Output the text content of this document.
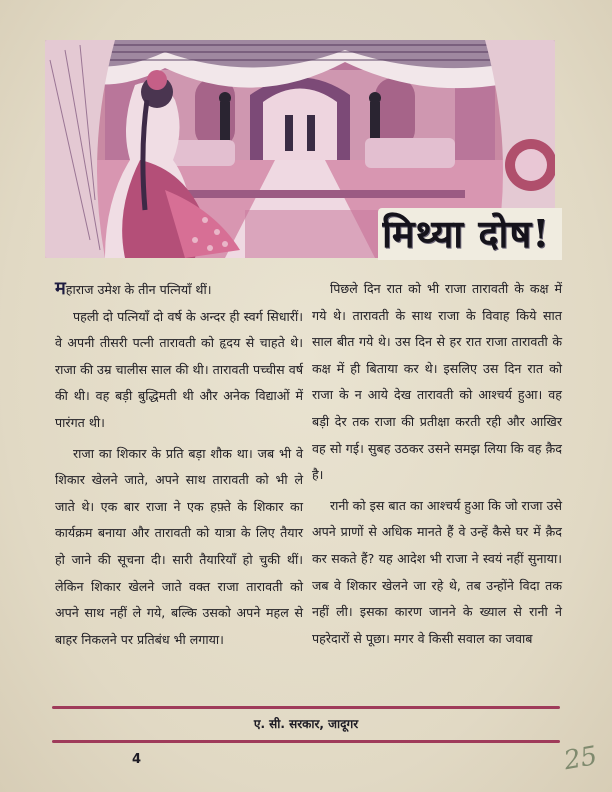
मिथ्या दोष!

महाराज उमेश के तीन पत्नियाँ थीं।

पहली दो पत्नियाँ दो वर्ष के अन्दर ही स्वर्ग सिधारीं। वे अपनी तीसरी पत्नी तारावती को हृदय से चाहते थे। राजा की उम्र चालीस साल की थी। तारावती पच्चीस वर्ष की थी। वह बड़ी बुद्धिमती थी और अनेक विद्याओं में पारंगत थी।

राजा का शिकार के प्रति बड़ा शौक था। जब भी वे शिकार खेलने जाते, अपने साथ तारावती को भी ले जाते थे। एक बार राजा ने एक हफ़्ते के शिकार का कार्यक्रम बनाया और तारावती को यात्रा के लिए तैयार हो जाने की सूचना दी। सारी तैयारियाँ हो चुकी थीं। लेकिन शिकार खेलने जाते वक्त राजा तारावती को अपने साथ नहीं ले गये, बल्कि उसको अपने महल से बाहर निकलने पर प्रतिबंध भी लगाया।

पिछले दिन रात को भी राजा तारावती के कक्ष में गये थे। तारावती के साथ राजा के विवाह किये सात साल बीत गये थे। उस दिन से हर रात राजा तारावती के कक्ष में ही बिताया कर थे। इसलिए उस दिन रात को राजा के न आये देख तारावती को आश्चर्य हुआ। वह बड़ी देर तक राजा की प्रतीक्षा करती रही और आखिर वह सो गई। सुबह उठकर उसने समझ लिया कि वह क़ैद है।

रानी को इस बात का आश्चर्य हुआ कि जो राजा उसे अपने प्राणों से अधिक मानते हैं वे उन्हें कैसे घर में क़ैद कर सकते हैं? यह आदेश भी राजा ने स्वयं नहीं सुनाया। जब वे शिकार खेलने जा रहे थे, तब उन्होंने विदा तक नहीं ली। इसका कारण जानने के ख्याल से रानी ने पहरेदारों से पूछा। मगर वे किसी सवाल का जवाब

ए. सी. सरकार, जादूगर
4	25
